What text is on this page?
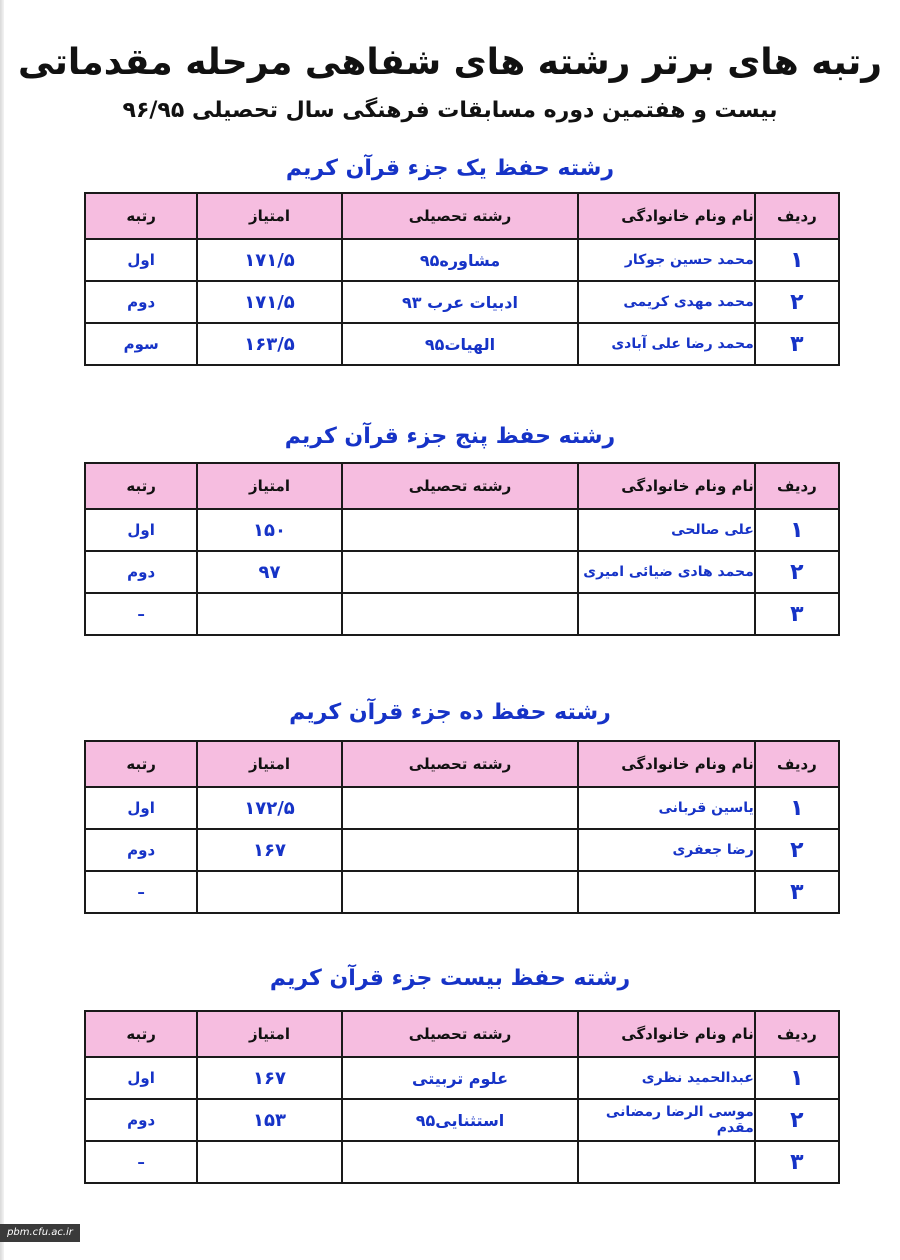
رتبه های برتر رشته های شفاهی مرحله مقدماتی
بیست و هفتمین دوره مسابقات فرهنگی سال تحصیلی ۹۶/۹۵
رشته حفظ یک جزء قرآن کریم
ردیف	نام ونام خانوادگی	رشته تحصیلی	امتیاز	رتبه
۱	محمد حسین جوکار	مشاوره۹۵	۱۷۱/۵	اول
۲	محمد مهدی کریمی	ادبیات عرب ۹۳	۱۷۱/۵	دوم
۳	محمد رضا علی آبادی	الهیات۹۵	۱۶۳/۵	سوم
رشته حفظ پنج جزء قرآن کریم
ردیف	نام ونام خانوادگی	رشته تحصیلی	امتیاز	رتبه
۱	علی صالحی		۱۵۰	اول
۲	محمد هادی ضیائی امیری		۹۷	دوم
۳				–
رشته حفظ ده جزء قرآن کریم
ردیف	نام ونام خانوادگی	رشته تحصیلی	امتیاز	رتبه
۱	یاسین قربانی		۱۷۲/۵	اول
۲	رضا جعفری		۱۶۷	دوم
۳				–
رشته حفظ بیست جزء قرآن کریم
ردیف	نام ونام خانوادگی	رشته تحصیلی	امتیاز	رتبه
۱	عبدالحمید نظری	علوم تربیتی	۱۶۷	اول
۲	موسی الرضا رمضانی مقدم	استثنایی۹۵	۱۵۳	دوم
۳				–
pbm.cfu.ac.ir
